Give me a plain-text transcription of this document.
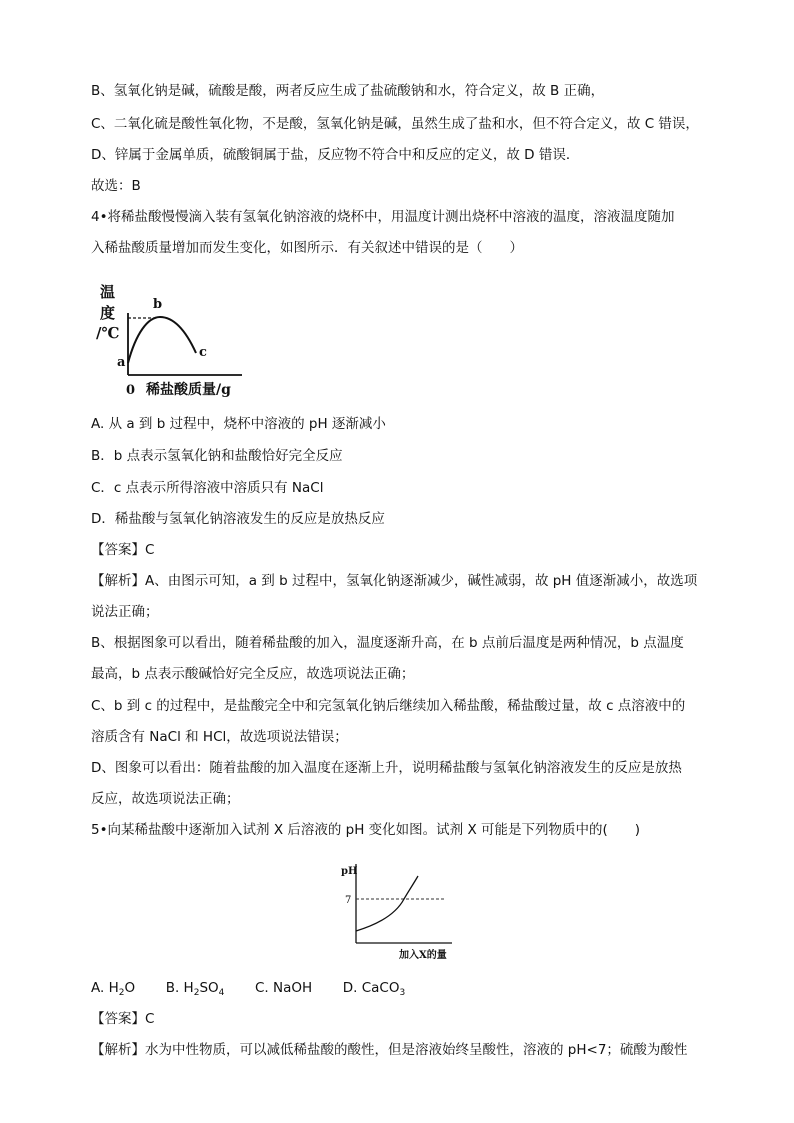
B、氢氧化钠是碱，硫酸是酸，两者反应生成了盐硫酸钠和水，符合定义，故 B 正确，
C、二氧化硫是酸性氧化物，不是酸，氢氧化钠是碱，虽然生成了盐和水，但不符合定义，故 C 错误，
D、锌属于金属单质，硫酸铜属于盐，反应物不符合中和反应的定义，故 D 错误．
故选：B
4•将稀盐酸慢慢滴入装有氢氧化钠溶液的烧杯中，用温度计测出烧杯中溶液的温度，溶液温度随加
入稀盐酸质量增加而发生变化，如图所示．有关叙述中错误的是（　　）
温
度
/℃
a
b
c
0 稀盐酸质量/g
A. 从 a 到 b 过程中，烧杯中溶液的 pH 逐渐减小
B．b 点表示氢氧化钠和盐酸恰好完全反应
C．c 点表示所得溶液中溶质只有 NaCl
D．稀盐酸与氢氧化钠溶液发生的反应是放热反应
【答案】C
【解析】A、由图示可知，a 到 b 过程中，氢氧化钠逐渐减少，碱性减弱，故 pH 值逐渐减小，故选项
说法正确；
B、根据图象可以看出，随着稀盐酸的加入，温度逐渐升高，在 b 点前后温度是两种情况，b 点温度
最高，b 点表示酸碱恰好完全反应，故选项说法正确；
C、b 到 c 的过程中，是盐酸完全中和完氢氧化钠后继续加入稀盐酸，稀盐酸过量，故 c 点溶液中的
溶质含有 NaCl 和 HCl，故选项说法错误；
D、图象可以看出：随着盐酸的加入温度在逐渐上升，说明稀盐酸与氢氧化钠溶液发生的反应是放热
反应，故选项说法正确；
5•向某稀盐酸中逐渐加入试剂 X 后溶液的 pH 变化如图。试剂 X 可能是下列物质中的(　　)
pH
7
加入X的量
A. $H_2O$ B. $H_2SO_4$ C. NaOH D. CaCO$_3$
【答案】C
【解析】水为中性物质，可以减低稀盐酸的酸性，但是溶液始终呈酸性，溶液的 pH<7；硫酸为酸性
